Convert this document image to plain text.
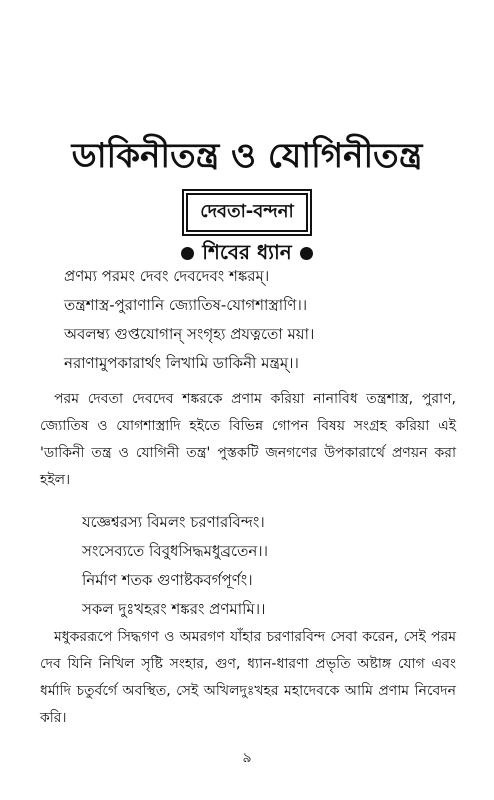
ডাকিনীতন্ত্র ও যোগিনীতন্ত্র
দেবতা-বন্দনা
শিবের ধ্যান
প্রণম্য পরমং দেবং দেবদেবং শঙ্করম্।
তন্ত্রশাস্ত্র-পুরাণানি জ্যোতিষ-যোগশাস্ত্রাণি।।
অবলম্ব্য গুপ্তযোগান্ সংগৃহ্য প্রযত্নতো ময়া।
নরাণামুপকারার্থং লিখামি ডাকিনী মন্ত্রম্।।
পরম দেবতা দেবদেব শঙ্করকে প্রণাম করিয়া নানাবিধ তন্ত্রশাস্ত্র, পুরাণ, জ্যোতিষ ও যোগশাস্ত্রাদি হইতে বিভিন্ন গোপন বিষয় সংগ্রহ করিয়া এই 'ডাকিনী তন্ত্র ও যোগিনী তন্ত্র' পুস্তকটি জনগণের উপকারার্থে প্রণয়ন করা হইল।
যজ্ঞেশ্বরস্য বিমলং চরণারবিন্দং।
সংসেব্যতে বিবুধসিদ্ধমধুব্রতেন।।
নির্মাণ শতক গুণাষ্টকবর্গপূর্ণং।
সকল দুঃখহরং শঙ্করং প্রণমামি।।
মধুকররূপে সিদ্ধগণ ও অমরগণ যাঁহার চরণারবিন্দ সেবা করেন, সেই পরম দেব যিনি নিখিল সৃষ্টি সংহার, গুণ, ধ্যান-ধারণা প্রভৃতি অষ্টাঙ্গ যোগ এবং ধর্মাদি চতুর্বর্গে অবস্থিত, সেই অখিলদুঃখহর মহাদেবকে আমি প্রণাম নিবেদন করি।
৯
